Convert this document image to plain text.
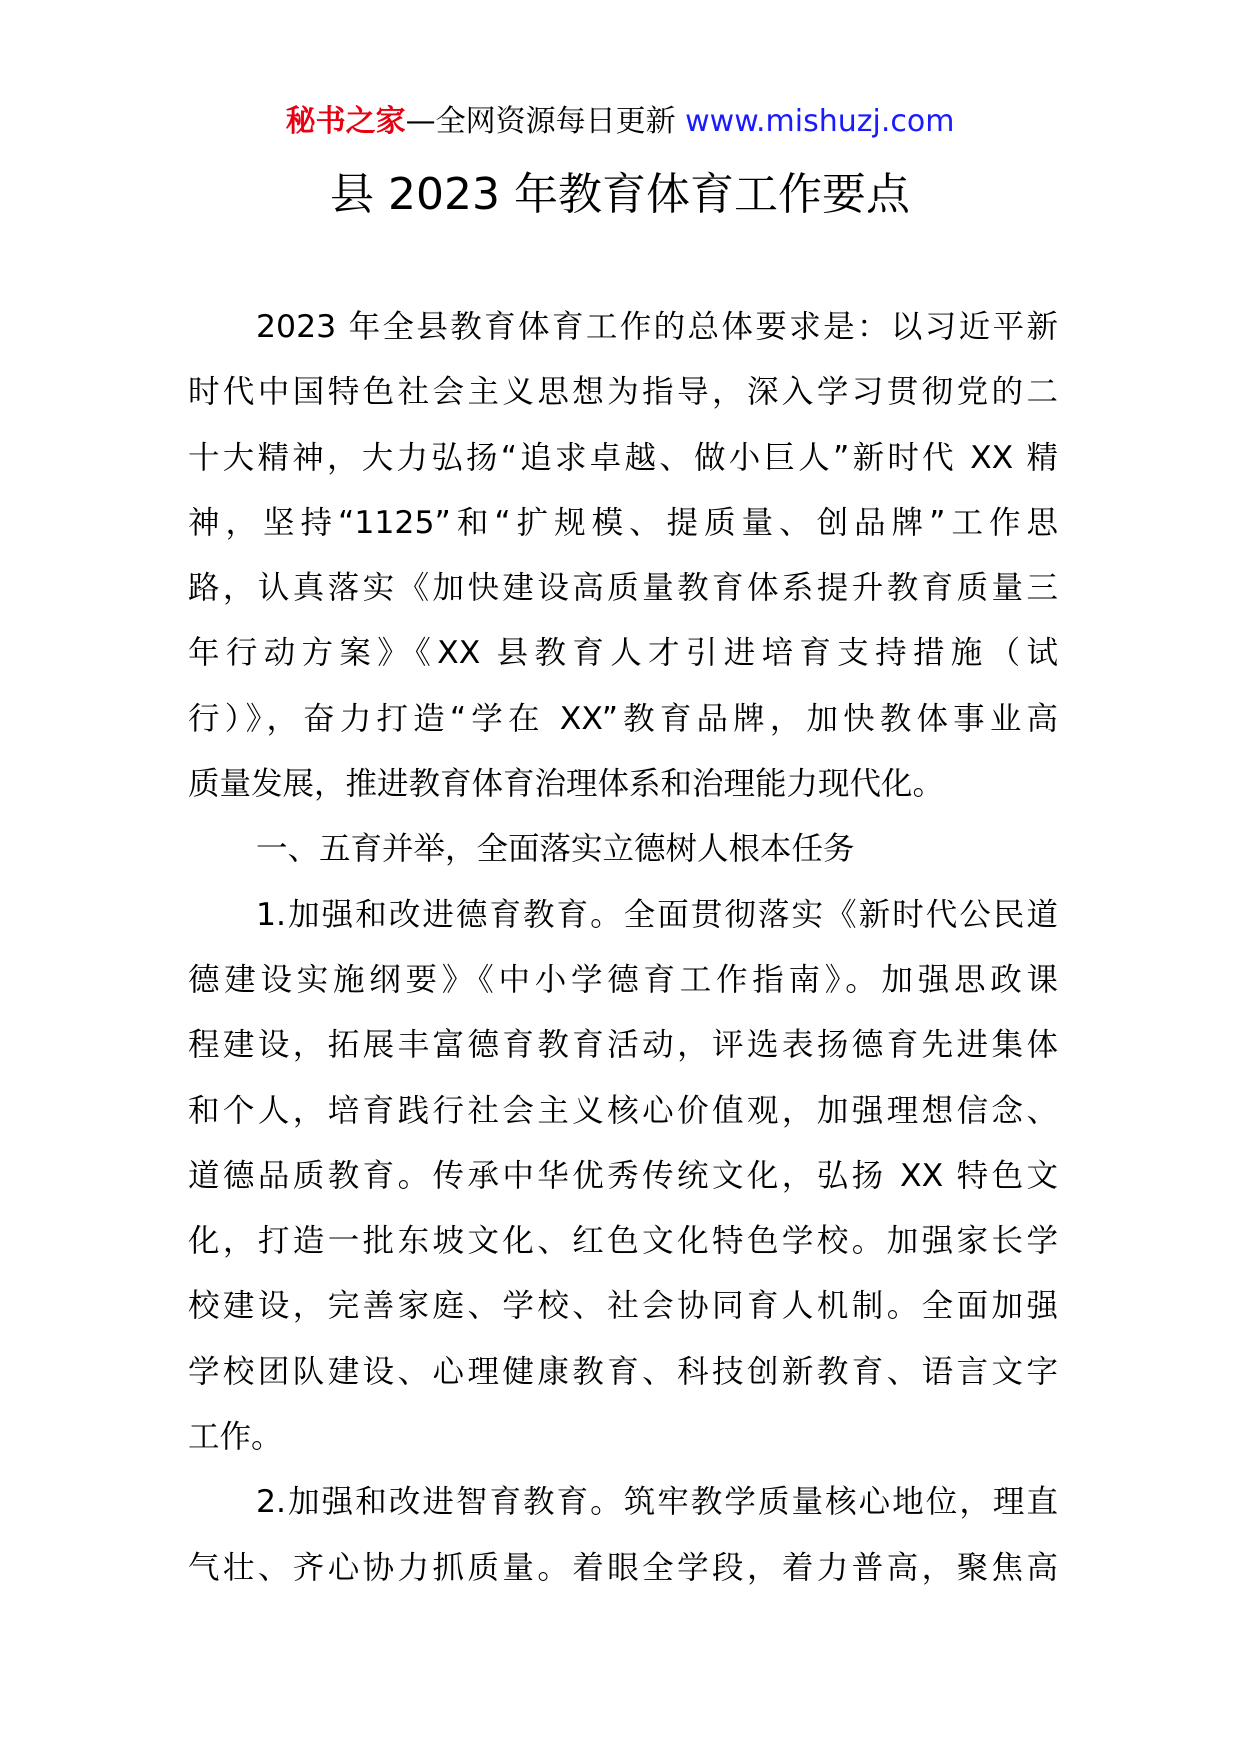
秘书之家—全网资源每日更新 www.mishuzj.com
县 2023 年教育体育工作要点
2023 年全县教育体育工作的总体要求是：以习近平新
时代中国特色社会主义思想为指导，深入学习贯彻党的二
十大精神，大力弘扬“追求卓越、做小巨人”新时代 XX 精
神，坚持“1125”和“扩规模、提质量、创品牌”工作思
路，认真落实《加快建设高质量教育体系提升教育质量三
年行动方案》《XX 县教育人才引进培育支持措施（试
行）》，奋力打造“学在 XX”教育品牌，加快教体事业高
质量发展，推进教育体育治理体系和治理能力现代化。
一、五育并举，全面落实立德树人根本任务
1.加强和改进德育教育。全面贯彻落实《新时代公民道
德建设实施纲要》《中小学德育工作指南》。加强思政课
程建设，拓展丰富德育教育活动，评选表扬德育先进集体
和个人，培育践行社会主义核心价值观，加强理想信念、
道德品质教育。传承中华优秀传统文化，弘扬 XX 特色文
化，打造一批东坡文化、红色文化特色学校。加强家长学
校建设，完善家庭、学校、社会协同育人机制。全面加强
学校团队建设、心理健康教育、科技创新教育、语言文字
工作。
2.加强和改进智育教育。筑牢教学质量核心地位，理直
气壮、齐心协力抓质量。着眼全学段，着力普高，聚焦高
